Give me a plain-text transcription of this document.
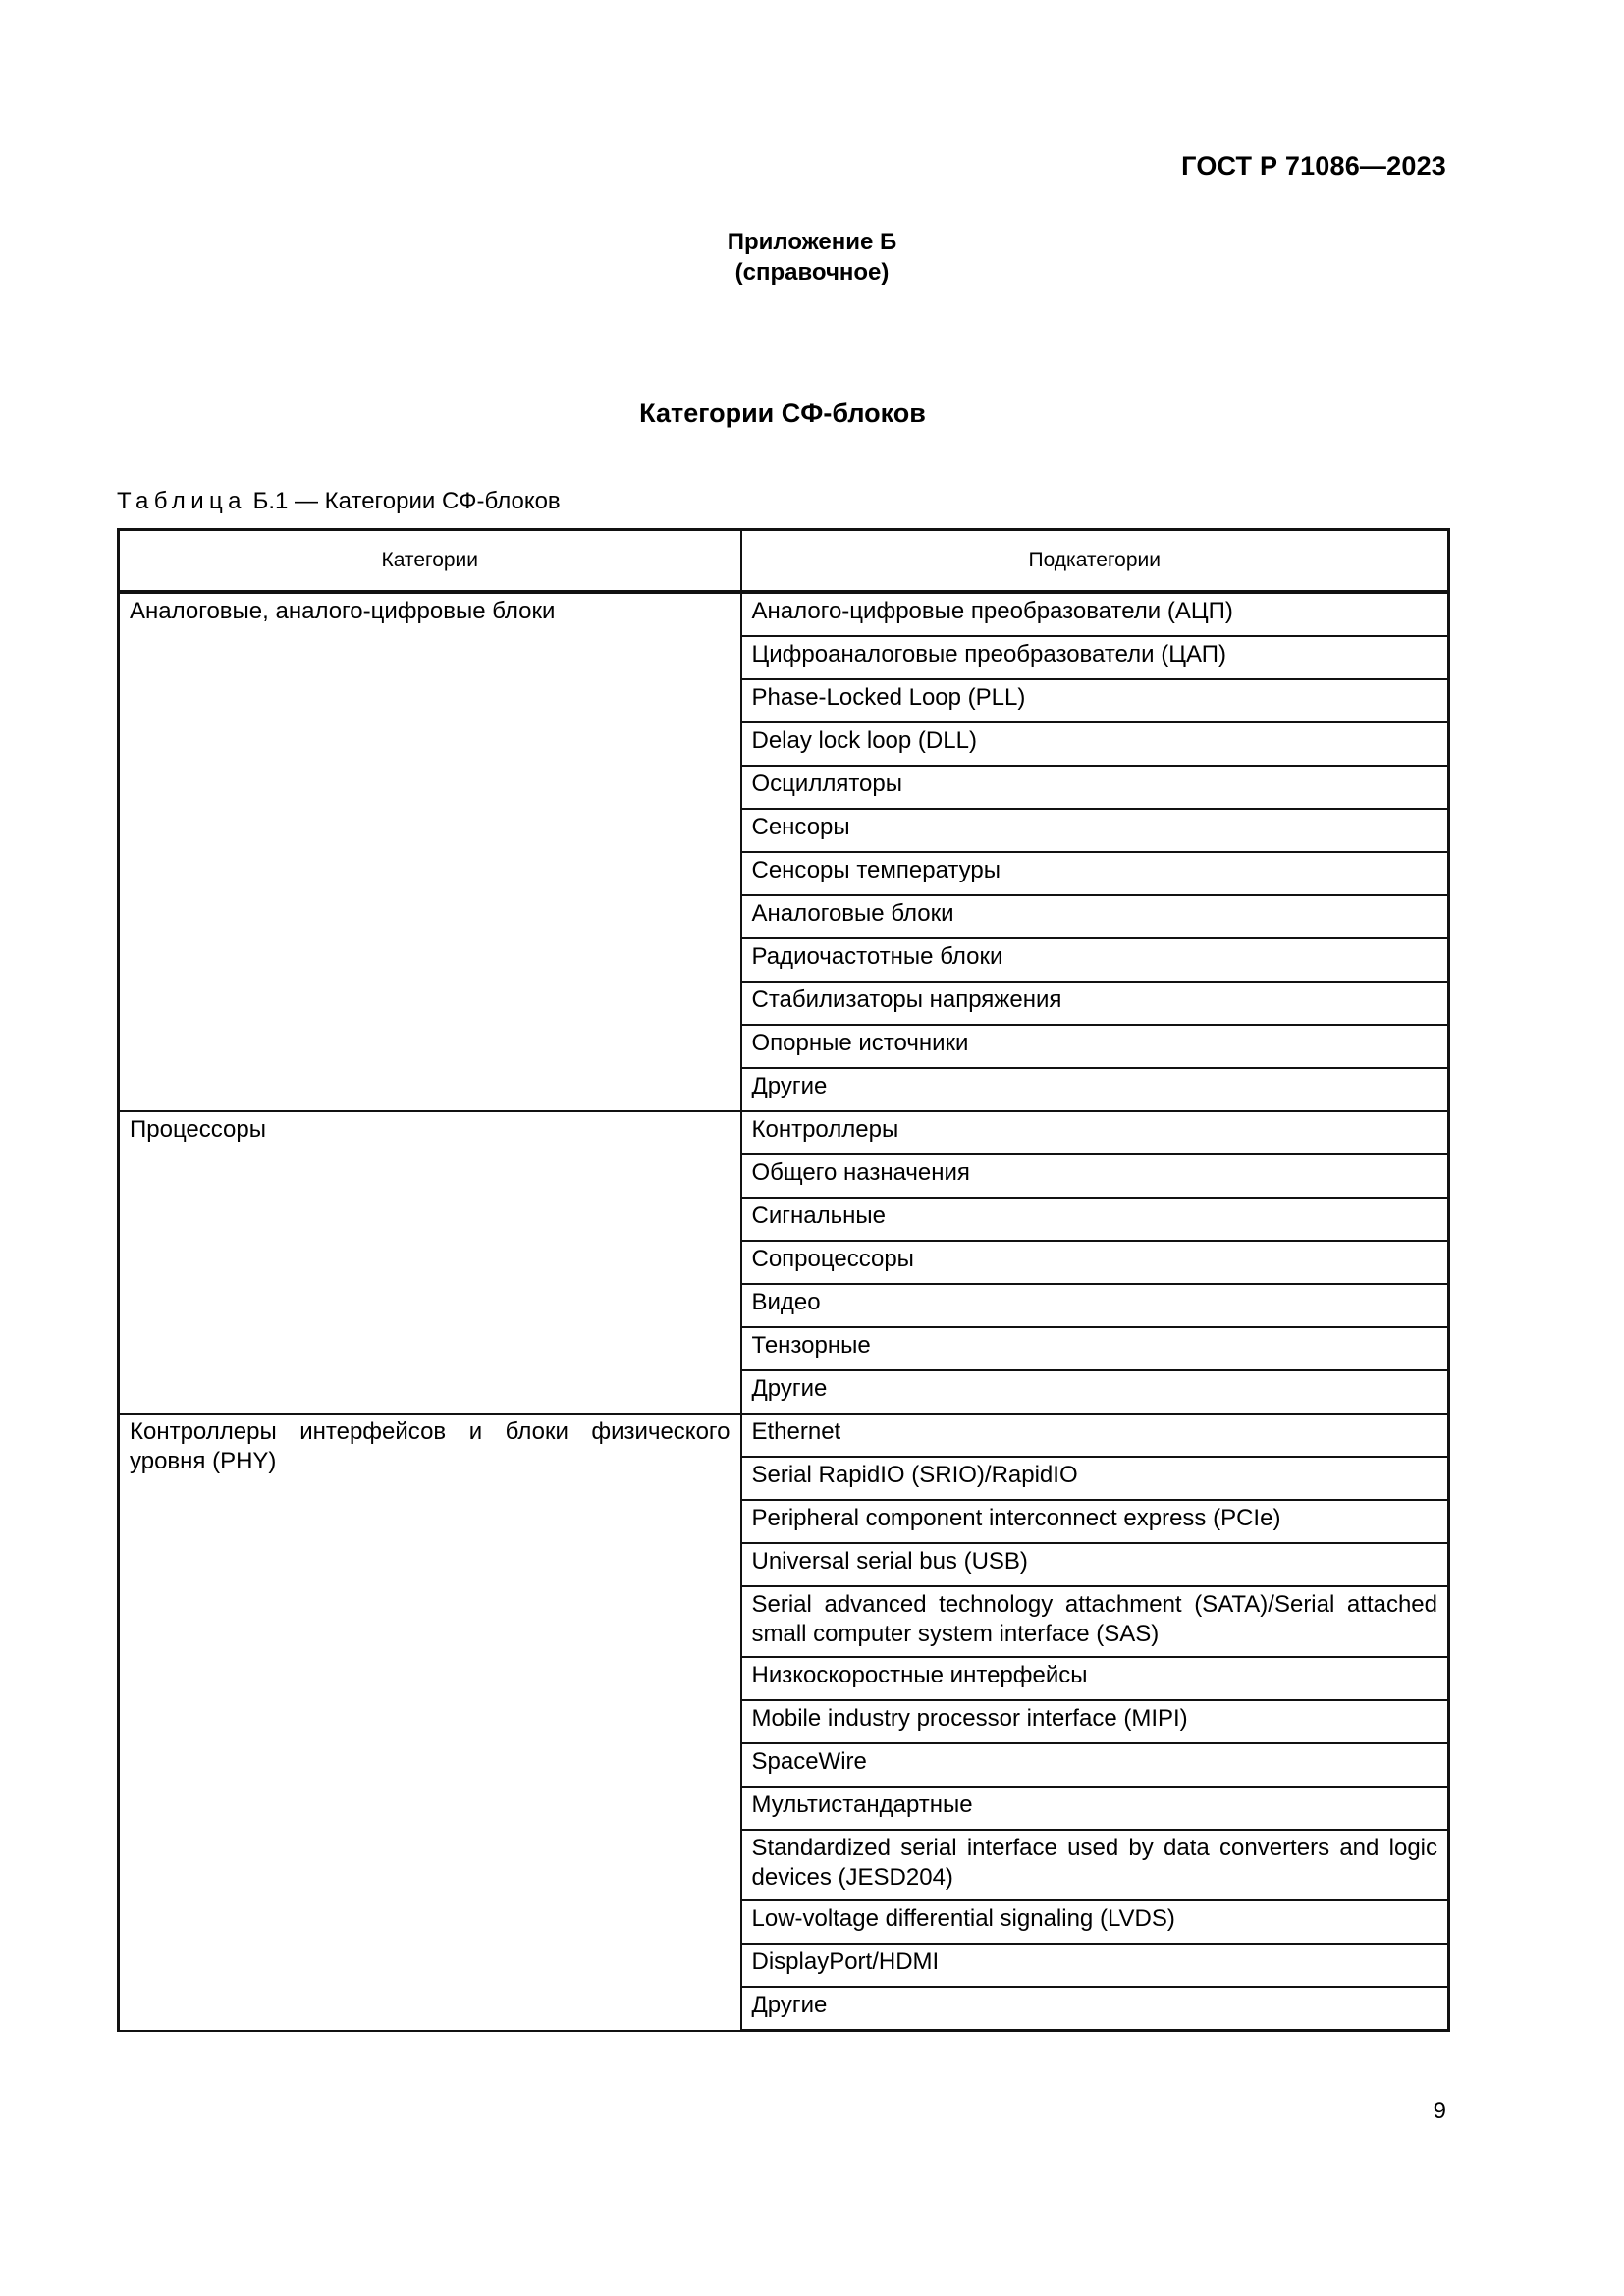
ГОСТ Р 71086—2023
Приложение Б
(справочное)
Категории СФ-блоков
Таблица Б.1 — Категории СФ-блоков
Категории	Подкатегории
Аналоговые, аналого-цифровые блоки	Аналого-цифровые преобразователи (АЦП)
	Цифроаналоговые преобразователи (ЦАП)
	Phase-Locked Loop (PLL)
	Delay lock loop (DLL)
	Осцилляторы
	Сенсоры
	Сенсоры температуры
	Аналоговые блоки
	Радиочастотные блоки
	Стабилизаторы напряжения
	Опорные источники
	Другие
Процессоры	Контроллеры
	Общего назначения
	Сигнальные
	Сопроцессоры
	Видео
	Тензорные
	Другие
Контроллеры интерфейсов и блоки физического уровня (PHY)	Ethernet
	Serial RapidIO (SRIO)/RapidIO
	Peripheral component interconnect express (PCIe)
	Universal serial bus (USB)
	Serial advanced technology attachment (SATA)/Serial attached small computer system interface (SAS)
	Низкоскоростные интерфейсы
	Mobile industry processor interface (MIPI)
	SpaceWire
	Мультистандартные
	Standardized serial interface used by data converters and logic devices (JESD204)
	Low-voltage differential signaling (LVDS)
	DisplayPort/HDMI
	Другие
9
